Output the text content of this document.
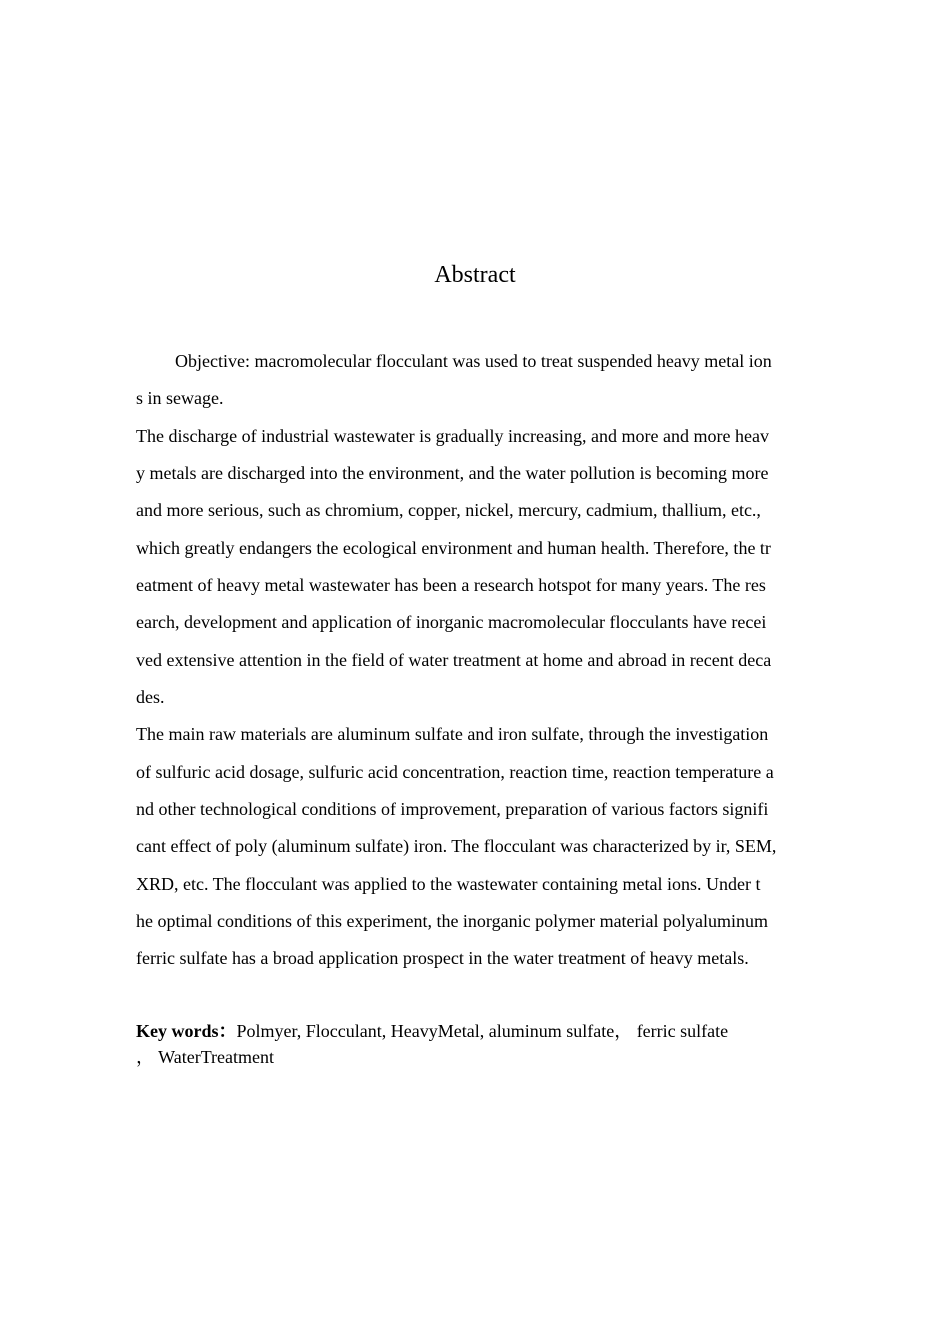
Abstract
Objective: macromolecular flocculant was used to treat suspended heavy metal ion
s in sewage.
The discharge of industrial wastewater is gradually increasing, and more and more heav
y metals are discharged into the environment, and the water pollution is becoming more
and more serious, such as chromium, copper, nickel, mercury, cadmium, thallium, etc.,
which greatly endangers the ecological environment and human health. Therefore, the tr
eatment of heavy metal wastewater has been a research hotspot for many years. The res
earch, development and application of inorganic macromolecular flocculants have recei
ved extensive attention in the field of water treatment at home and abroad in recent deca
des.
The main raw materials are aluminum sulfate and iron sulfate, through the investigation
of sulfuric acid dosage, sulfuric acid concentration, reaction time, reaction temperature a
nd other technological conditions of improvement, preparation of various factors signifi
cant effect of poly (aluminum sulfate) iron. The flocculant was characterized by ir, SEM,
XRD, etc. The flocculant was applied to the wastewater containing metal ions. Under t
he optimal conditions of this experiment, the inorganic polymer material polyaluminum
ferric sulfate has a broad application prospect in the water treatment of heavy metals.
Key words：Polmyer, Flocculant, HeavyMetal, aluminum sulfate， ferric sulfate
， WaterTreatment
